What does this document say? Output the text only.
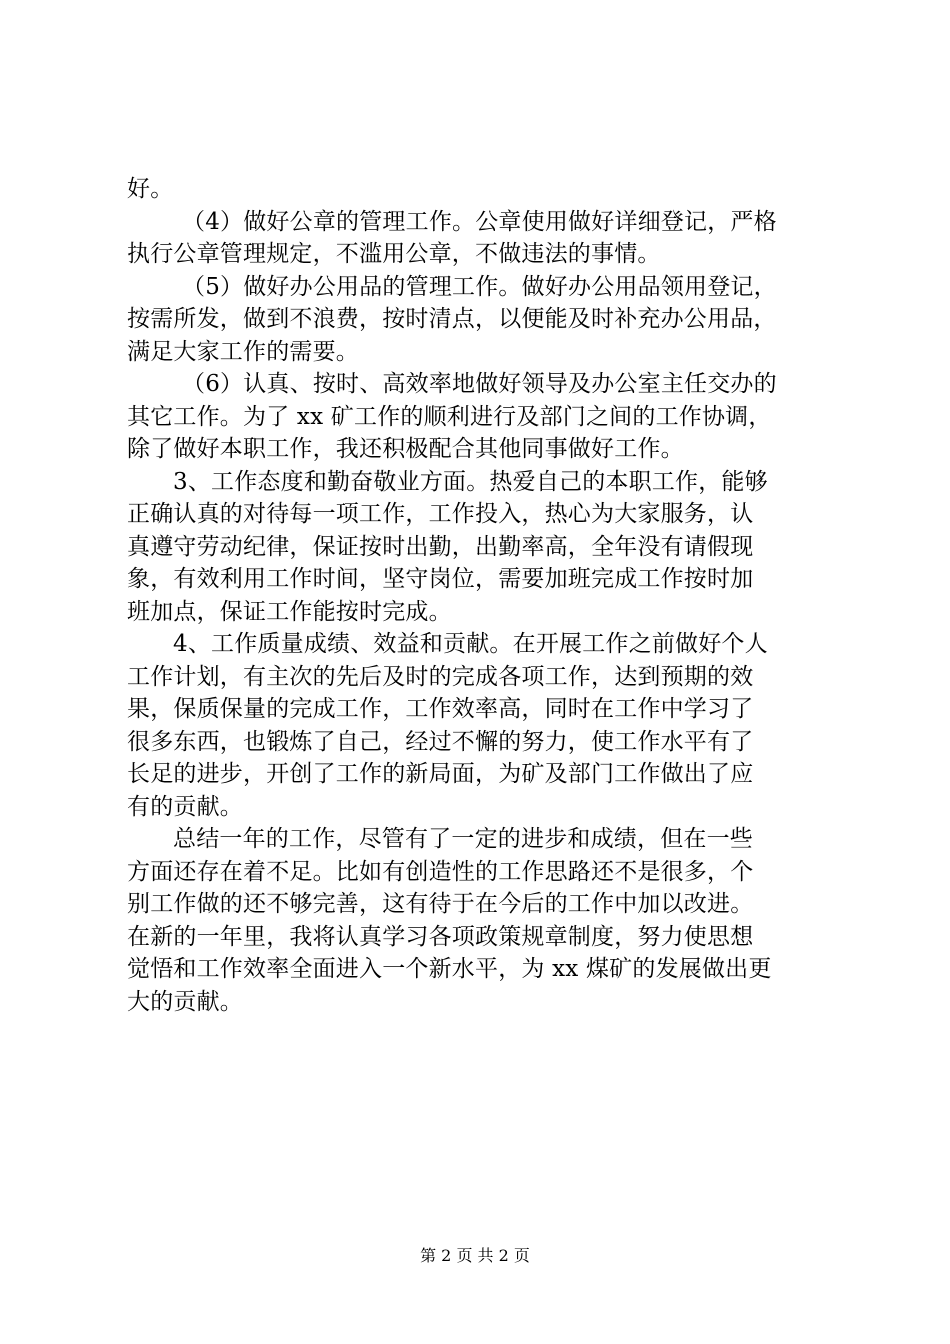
好。
（4）做好公章的管理工作。公章使用做好详细登记，严格
执行公章管理规定，不滥用公章，不做违法的事情。
（5）做好办公用品的管理工作。做好办公用品领用登记，
按需所发，做到不浪费，按时清点，以便能及时补充办公用品，
满足大家工作的需要。
（6）认真、按时、高效率地做好领导及办公室主任交办的
其它工作。为了 xx 矿工作的顺利进行及部门之间的工作协调，
除了做好本职工作，我还积极配合其他同事做好工作。
3、工作态度和勤奋敬业方面。热爱自己的本职工作，能够
正确认真的对待每一项工作，工作投入，热心为大家服务，认
真遵守劳动纪律，保证按时出勤，出勤率高，全年没有请假现
象，有效利用工作时间，坚守岗位，需要加班完成工作按时加
班加点，保证工作能按时完成。
4、工作质量成绩、效益和贡献。在开展工作之前做好个人
工作计划，有主次的先后及时的完成各项工作，达到预期的效
果，保质保量的完成工作，工作效率高，同时在工作中学习了
很多东西，也锻炼了自己，经过不懈的努力，使工作水平有了
长足的进步，开创了工作的新局面，为矿及部门工作做出了应
有的贡献。
总结一年的工作，尽管有了一定的进步和成绩，但在一些
方面还存在着不足。比如有创造性的工作思路还不是很多，个
别工作做的还不够完善，这有待于在今后的工作中加以改进。
在新的一年里，我将认真学习各项政策规章制度，努力使思想
觉悟和工作效率全面进入一个新水平，为 xx 煤矿的发展做出更
大的贡献。
第 2 页 共 2 页
